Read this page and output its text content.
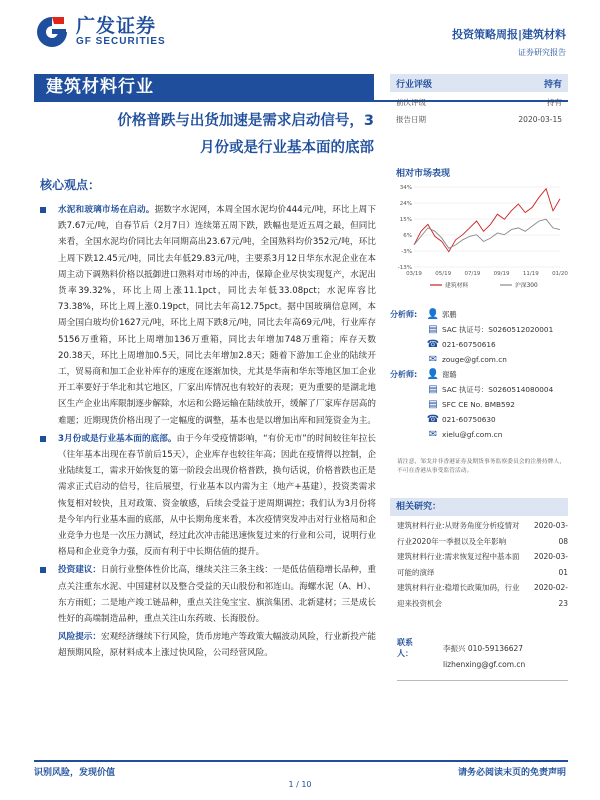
广发证券
GF SECURITIES
投资策略周报|建筑材料
证券研究报告
建筑材料行业
价格普跌与出货加速是需求启动信号，3
月份或是行业基本面的底部
核心观点：
水泥和玻璃市场在启动。据数字水泥网，本周全国水泥均价444元/吨，环比上周下跌7.67元/吨，自春节后（2月7日）连续第五周下跌，跌幅也是近五周之最，但同比来看，全国水泥均价同比去年同期高出23.67元/吨，全国熟料均价352元/吨，环比上周下跌12.45元/吨，同比去年低29.83元/吨，主要系3月12日华东水泥企业在本周主动下调熟料价格以抵御进口熟料对市场的冲击，保障企业尽快实现复产，水泥出货率39.32%，环比上周上涨11.1pct，同比去年低33.08pct；水泥库容比73.38%，环比上周上涨0.19pct，同比去年高12.75pct。据中国玻璃信息网，本周全国白玻均价1627元/吨，环比上周下跌8元/吨，同比去年高69元/吨，行业库存5156万重箱，环比上周增加136万重箱，同比去年增加748万重箱；库存天数20.38天，环比上周增加0.5天，同比去年增加2.8天；随着下游加工企业的陆续开工，贸易商和加工企业补库存的速度在逐渐加快，尤其是华南和华东等地区加工企业开工率要好于华北和其它地区，厂家出库情况也有较好的表现；更为重要的是湖北地区生产企业出库限制逐步解除，水运和公路运输在陆续放开，缓解了厂家库存居高的难题；近期现货价格出现了一定幅度的调整，基本也是以增加出库和回笼资金为主。
3月份或是行业基本面的底部。由于今年受疫情影响，“有价无市”的时间较往年拉长（往年基本出现在春节前后15天），企业库存也较往年高；因此在疫情得以控制，企业陆续复工，需求开始恢复的第一阶段会出现价格普跌，换句话说，价格普跌也正是需求正式启动的信号，往后展望，行业基本以内需为主（地产+基建），投资类需求恢复相对较快，且对政策、资金敏感，后续会受益于逆周期调控；我们认为3月份将是今年内行业基本面的底部，从中长期角度来看，本次疫情突发冲击对行业格局和企业竞争力也是一次压力测试，经过此次冲击能迅速恢复过来的行业和公司，说明行业格局和企业竞争力强，反而有利于中长期估值的提升。
投资建议：日前行业整体性价比高，继续关注三条主线：一是低估值稳增长品种，重点关注重东水泥、中国建材以及整合受益的天山股份和祁连山。海螺水泥（A、H）、东方雨虹；二是地产竣工链品种，重点关注兔宝宝、旗滨集团、北新建材；三是成长性好的高端制造品种，重点关注山东药玻、长海股份。
风险提示：宏观经济继续下行风险，货币房地产等政策大幅波动风险，行业新投产能超预期风险，原材料成本上涨过快风险，公司经营风险。
行业评级	持有
前次评级	持有
报告日期	2020-03-15
相对市场表现
34%
24%
15%
6%
-3%
-13%
03/19 05/19 07/19 09/19 11/19 01/20
建筑材料	沪深300
分析师: 👤 郭鹏
▤ SAC 执证号：S0260512020001
☎ 021-60750616
✉ zouge@gf.com.cn
分析师: 👤 谢璐
▤ SAC 执证号：S0260514080004
▤ SFC CE No. BMB592
☎ 021-60750630
✉ xielu@gf.com.cn
请注意，邹戈并非香港证券及期货事务监察委员会的注册持牌人，不可在香港从事受监管活动。
相关研究：
建筑材料行业:从财务角度分析疫情对行业2020年一季报以及全年影响
2020-03-08
建筑材料行业:需求恢复过程中基本面可能的演绎
2020-03-01
建筑材料行业:稳增长政策加码，行业迎来投资机会
2020-02-23
联系人：
李振兴 010-59136627
lizhenxing@gf.com.cn
识别风险，发现价值	请务必阅读末页的免责声明
1 / 10
